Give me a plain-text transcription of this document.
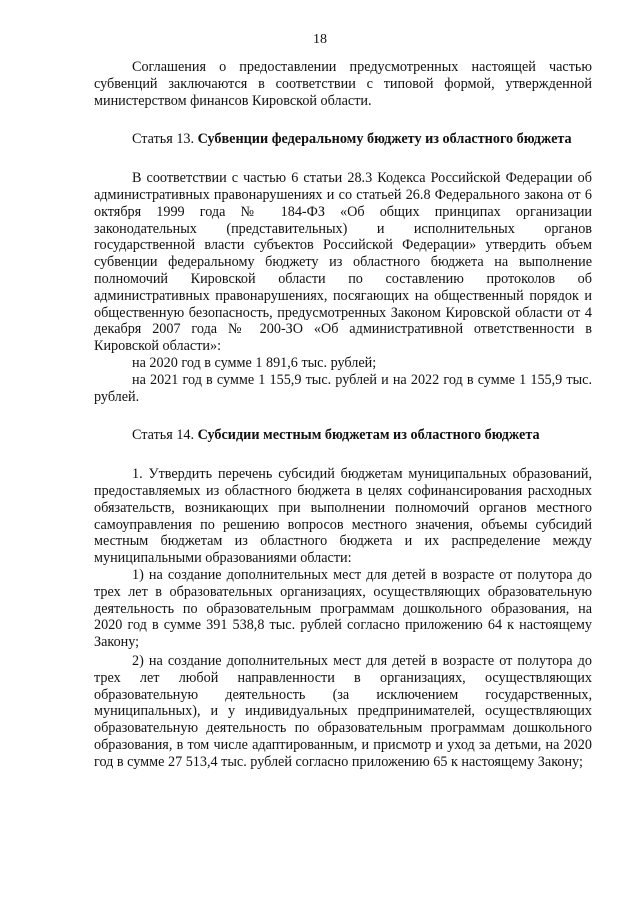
18

Соглашения о предоставлении предусмотренных настоящей частью субвенций заключаются в соответствии с типовой формой, утвержденной министерством финансов Кировской области.

Статья 13. Субвенции федеральному бюджету из областного бюджета

В соответствии с частью 6 статьи 28.3 Кодекса Российской Федерации об административных правонарушениях и со статьей 26.8 Федерального закона от 6 октября 1999 года № 184-ФЗ «Об общих принципах организации законодательных (представительных) и исполнительных органов государственной власти субъектов Российской Федерации» утвердить объем субвенции федеральному бюджету из областного бюджета на выполнение полномочий Кировской области по составлению протоколов об административных правонарушениях, посягающих на общественный порядок и общественную безопасность, предусмотренных Законом Кировской области от 4 декабря 2007 года № 200-ЗО «Об административной ответственности в Кировской области»:

на 2020 год в сумме 1 891,6 тыс. рублей;

на 2021 год в сумме 1 155,9 тыс. рублей и на 2022 год в сумме 1 155,9 тыс. рублей.

Статья 14. Субсидии местным бюджетам из областного бюджета

1. Утвердить перечень субсидий бюджетам муниципальных образований, предоставляемых из областного бюджета в целях софинансирования расходных обязательств, возникающих при выполнении полномочий органов местного самоуправления по решению вопросов местного значения, объемы субсидий местным бюджетам из областного бюджета и их распределение между муниципальными образованиями области:

1) на создание дополнительных мест для детей в возрасте от полутора до трех лет в образовательных организациях, осуществляющих образовательную деятельность по образовательным программам дошкольного образования, на 2020 год в сумме 391 538,8 тыс. рублей согласно приложению 64 к настоящему Закону;

2) на создание дополнительных мест для детей в возрасте от полутора до трех лет любой направленности в организациях, осуществляющих образовательную деятельность (за исключением государственных, муниципальных), и у индивидуальных предпринимателей, осуществляющих образовательную деятельность по образовательным программам дошкольного образования, в том числе адаптированным, и присмотр и уход за детьми, на 2020 год в сумме 27 513,4 тыс. рублей согласно приложению 65 к настоящему Закону;
